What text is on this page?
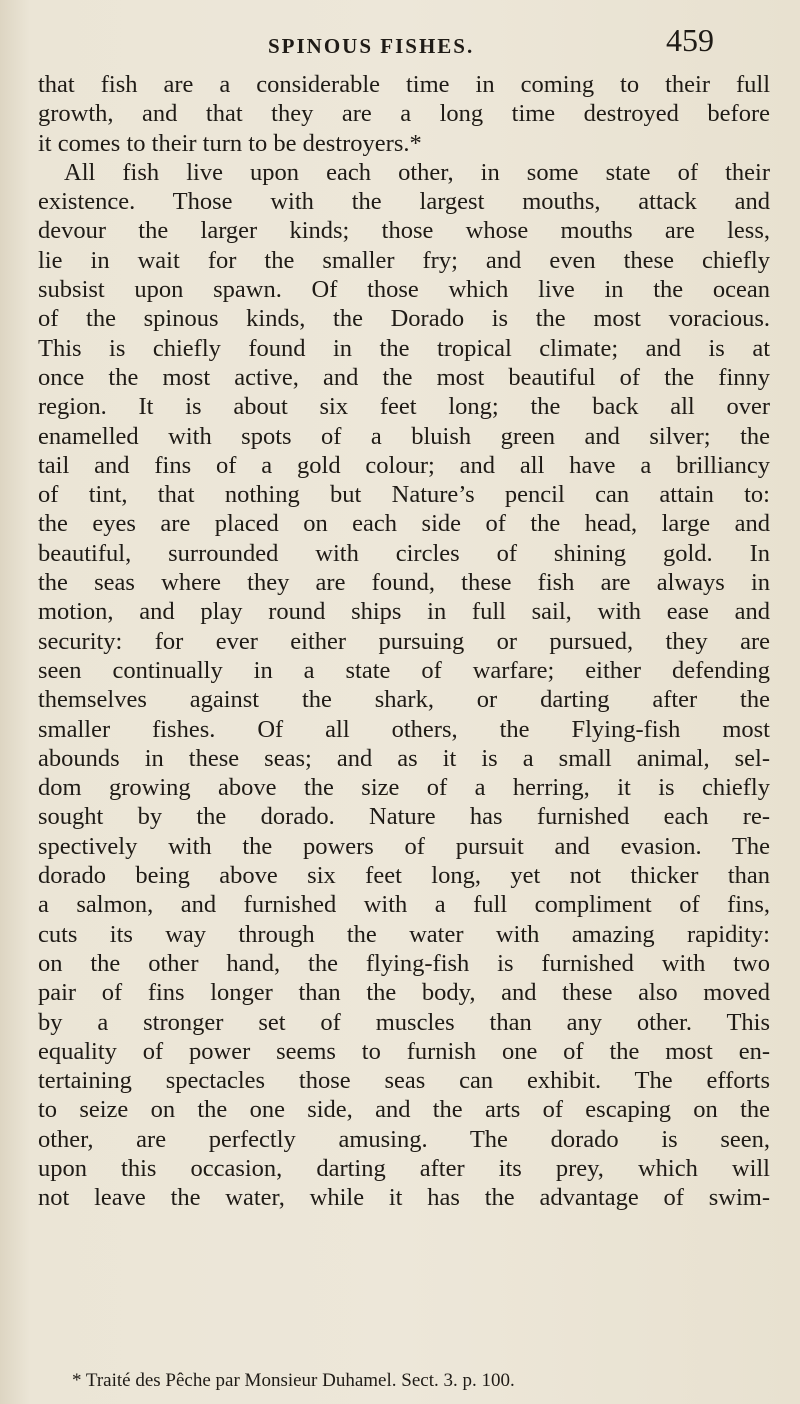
SPINOUS FISHES.	459
that fish are a considerable time in coming to their full
growth, and that they are a long time destroyed before
it comes to their turn to be destroyers.*
All fish live upon each other, in some state of their
existence. Those with the largest mouths, attack and
devour the larger kinds; those whose mouths are less,
lie in wait for the smaller fry; and even these chiefly
subsist upon spawn. Of those which live in the ocean
of the spinous kinds, the Dorado is the most voracious.
This is chiefly found in the tropical climate; and is at
once the most active, and the most beautiful of the finny
region. It is about six feet long; the back all over
enamelled with spots of a bluish green and silver; the
tail and fins of a gold colour; and all have a brilliancy
of tint, that nothing but Nature’s pencil can attain to:
the eyes are placed on each side of the head, large and
beautiful, surrounded with circles of shining gold. In
the seas where they are found, these fish are always in
motion, and play round ships in full sail, with ease and
security: for ever either pursuing or pursued, they are
seen continually in a state of warfare; either defending
themselves against the shark, or darting after the
smaller fishes. Of all others, the Flying-fish most
abounds in these seas; and as it is a small animal, sel-
dom growing above the size of a herring, it is chiefly
sought by the dorado. Nature has furnished each re-
spectively with the powers of pursuit and evasion. The
dorado being above six feet long, yet not thicker than
a salmon, and furnished with a full compliment of fins,
cuts its way through the water with amazing rapidity:
on the other hand, the flying-fish is furnished with two
pair of fins longer than the body, and these also moved
by a stronger set of muscles than any other. This
equality of power seems to furnish one of the most en-
tertaining spectacles those seas can exhibit. The efforts
to seize on the one side, and the arts of escaping on the
other, are perfectly amusing. The dorado is seen,
upon this occasion, darting after its prey, which will
not leave the water, while it has the advantage of swim-
* Traité des Pêche par Monsieur Duhamel. Sect. 3. p. 100.
